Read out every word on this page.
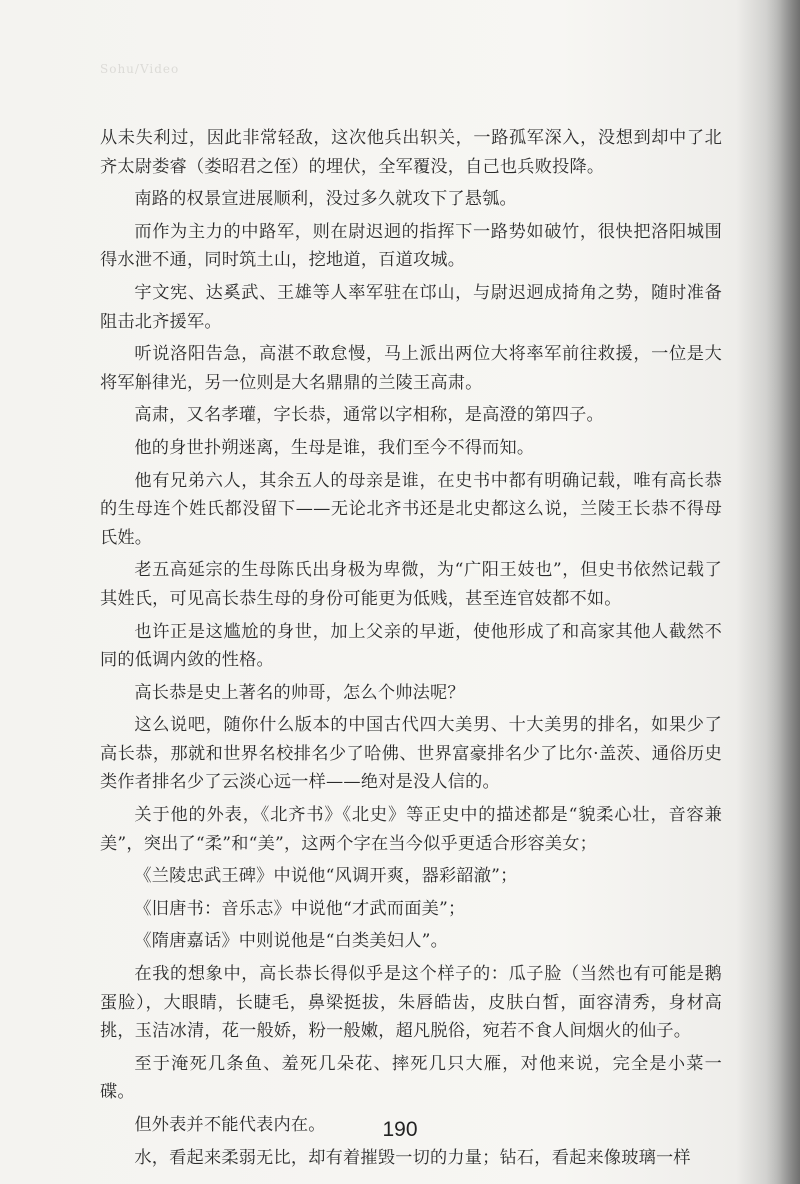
Sohu/Video

从未失利过，因此非常轻敌，这次他兵出轵关，一路孤军深入，没想到却中了北齐太尉娄睿（娄昭君之侄）的埋伏，全军覆没，自己也兵败投降。

南路的权景宣进展顺利，没过多久就攻下了悬瓠。

而作为主力的中路军，则在尉迟迥的指挥下一路势如破竹，很快把洛阳城围得水泄不通，同时筑土山，挖地道，百道攻城。

宇文宪、达奚武、王雄等人率军驻在邙山，与尉迟迥成掎角之势，随时准备阻击北齐援军。

听说洛阳告急，高湛不敢怠慢，马上派出两位大将率军前往救援，一位是大将军斛律光，另一位则是大名鼎鼎的兰陵王高肃。

高肃，又名孝瓘，字长恭，通常以字相称，是高澄的第四子。

他的身世扑朔迷离，生母是谁，我们至今不得而知。

他有兄弟六人，其余五人的母亲是谁，在史书中都有明确记载，唯有高长恭的生母连个姓氏都没留下——无论北齐书还是北史都这么说，兰陵王长恭不得母氏姓。

老五高延宗的生母陈氏出身极为卑微，为“广阳王妓也”，但史书依然记载了其姓氏，可见高长恭生母的身份可能更为低贱，甚至连官妓都不如。

也许正是这尴尬的身世，加上父亲的早逝，使他形成了和高家其他人截然不同的低调内敛的性格。

高长恭是史上著名的帅哥，怎么个帅法呢？

这么说吧，随你什么版本的中国古代四大美男、十大美男的排名，如果少了高长恭，那就和世界名校排名少了哈佛、世界富豪排名少了比尔·盖茨、通俗历史类作者排名少了云淡心远一样——绝对是没人信的。

关于他的外表，《北齐书》《北史》等正史中的描述都是“貌柔心壮，音容兼美”，突出了“柔”和“美”，这两个字在当今似乎更适合形容美女；

《兰陵忠武王碑》中说他“风调开爽，器彩韶澈”；

《旧唐书：音乐志》中说他“才武而面美”；

《隋唐嘉话》中则说他是“白类美妇人”。

在我的想象中，高长恭长得似乎是这个样子的：瓜子脸（当然也有可能是鹅蛋脸），大眼睛，长睫毛，鼻梁挺拔，朱唇皓齿，皮肤白皙，面容清秀，身材高挑，玉洁冰清，花一般娇，粉一般嫩，超凡脱俗，宛若不食人间烟火的仙子。

至于淹死几条鱼、羞死几朵花、摔死几只大雁，对他来说，完全是小菜一碟。

但外表并不能代表内在。

水，看起来柔弱无比，却有着摧毁一切的力量；钻石，看起来像玻璃一样

190
